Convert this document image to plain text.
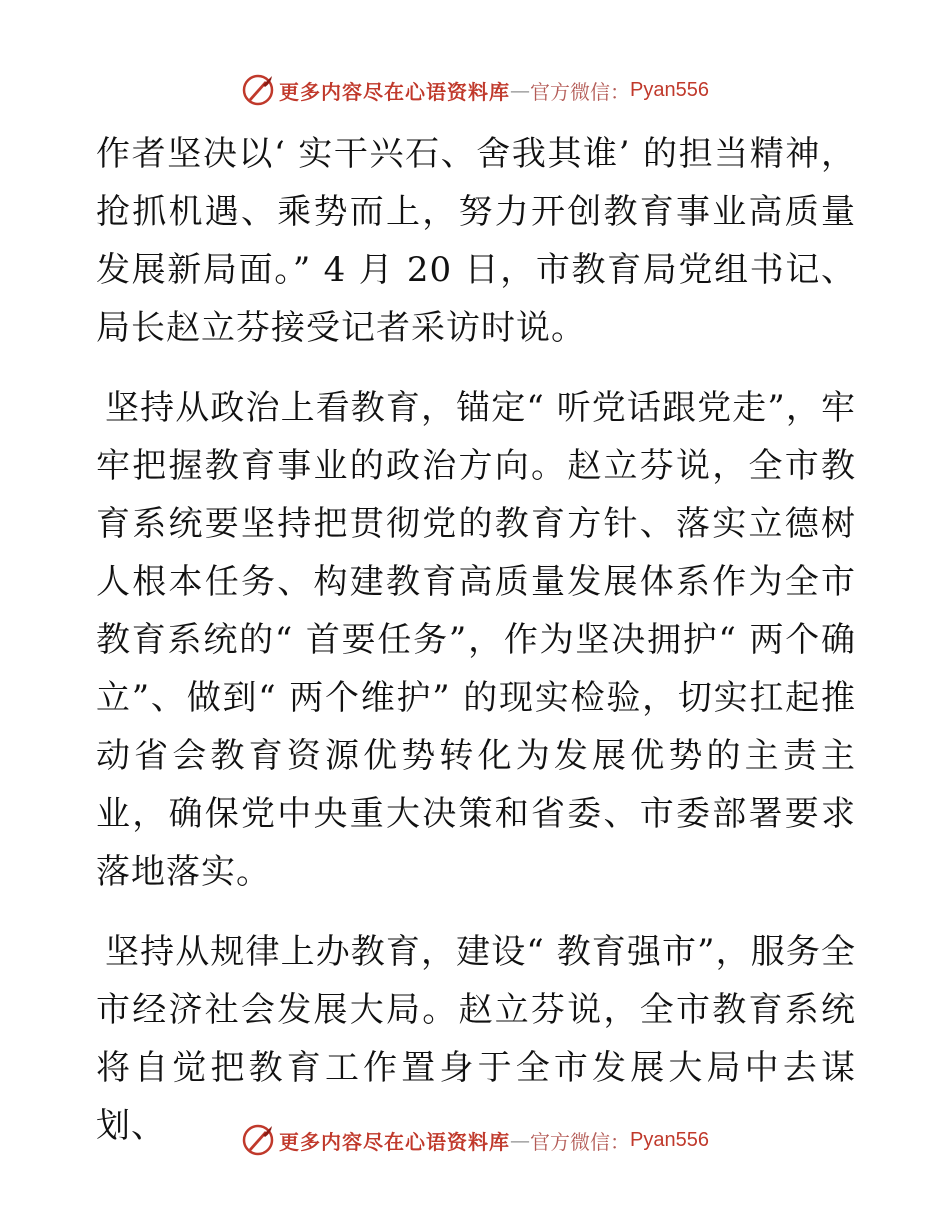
更多内容尽在心语资料库 — 官方微信： Pyan556

作者坚决以‘ 实干兴石、舍我其谁’ 的担当精神，抢抓机遇、乘势而上，努力开创教育事业高质量发展新局面。” 4 月 20 日，市教育局党组书记、局长赵立芬接受记者采访时说。

坚持从政治上看教育，锚定“ 听党话跟党走”，牢牢把握教育事业的政治方向。赵立芬说，全市教育系统要坚持把贯彻党的教育方针、落实立德树人根本任务、构建教育高质量发展体系作为全市教育系统的“ 首要任务”，作为坚决拥护“ 两个确立”、做到“ 两个维护” 的现实检验，切实扛起推动省会教育资源优势转化为发展优势的主责主业，确保党中央重大决策和省委、市委部署要求落地落实。

坚持从规律上办教育，建设“ 教育强市”，服务全市经济社会发展大局。赵立芬说，全市教育系统将自觉把教育工作置身于全市发展大局中去谋划、	更多内容尽在心语资料库 — 官方微信： Pyan556
